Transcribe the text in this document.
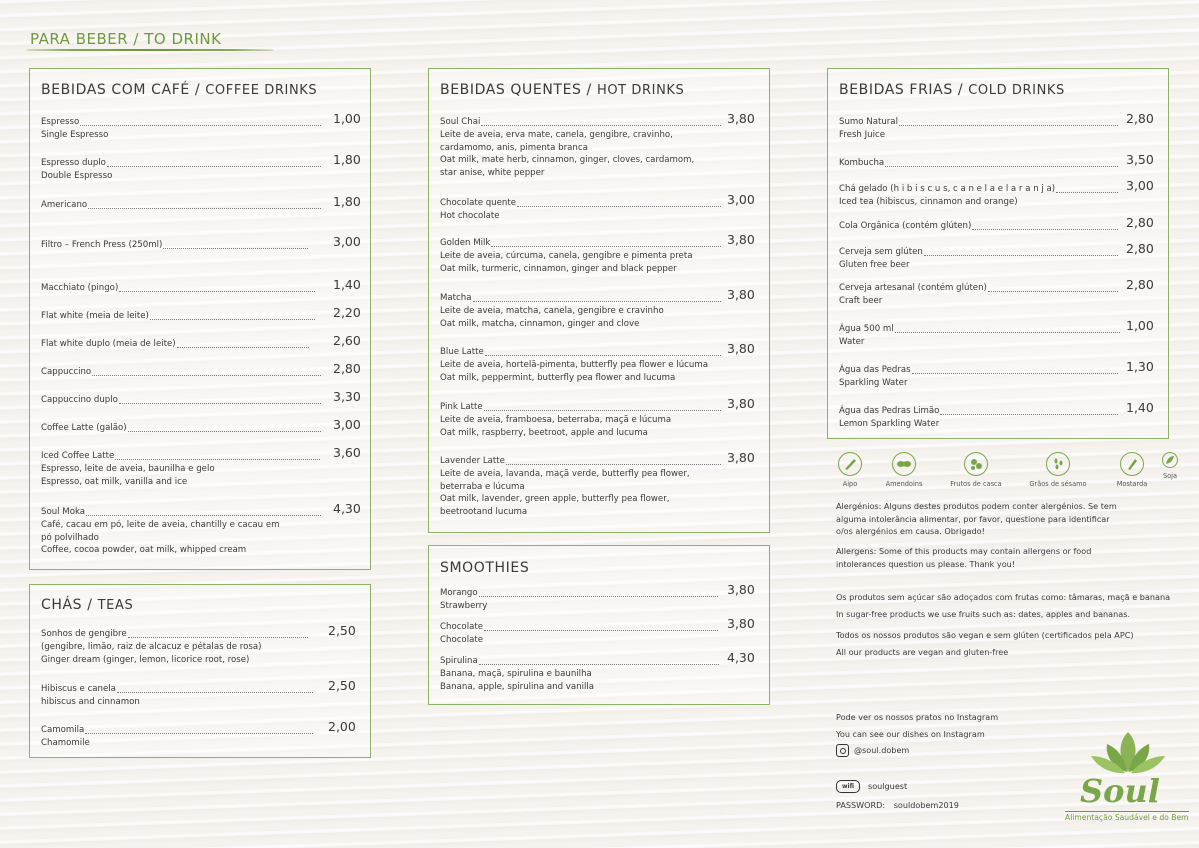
PARA BEBER / TO DRINK
BEBIDAS COM CAFÉ / COFFEE DRINKS
Espresso
Single Espresso
1,00
Espresso duplo
Double Espresso
1,80
Americano	1,80
Filtro – French Press (250ml)	3,00
Macchiato (pingo)	1,40
Flat white (meia de leite)	2,20
Flat white duplo (meia de leite)	2,60
Cappuccino	2,80
Cappuccino duplo	3,30
Coffee Latte (galão)	3,00
Iced Coffee Latte
Espresso, leite de aveia, baunilha e gelo
Espresso, oat milk, vanilla and ice
3,60
Soul Moka
Café, cacau em pó, leite de aveia, chantilly e cacau em
pó polvilhado
Coffee, cocoa powder, oat milk, whipped cream
4,30
CHÁS / TEAS
Sonhos de gengibre
(gengibre, limão, raiz de alcacuz e pétalas de rosa)
Ginger dream (ginger, lemon, licorice root, rose)
2,50
Hibiscus e canela
hibiscus and cinnamon
2,50
Camomila
Chamomile
2,00
BEBIDAS QUENTES / HOT DRINKS
Soul Chai
Leite de aveia, erva mate, canela, gengibre, cravinho,
cardamomo, anis, pimenta branca
Oat milk, mate herb, cinnamon, ginger, cloves, cardamom,
star anise, white pepper
3,80
Chocolate quente
Hot chocolate
3,00
Golden Milk
Leite de aveia, cúrcuma, canela, gengibre e pimenta preta
Oat milk, turmeric, cinnamon, ginger and black pepper
3,80
Matcha
Leite de aveia, matcha, canela, gengibre e cravinho
Oat milk, matcha, cinnamon, ginger and clove
3,80
Blue Latte
Leite de aveia, hortelã-pimenta, butterfly pea flower e lúcuma
Oat milk, peppermint, butterfly pea flower and lucuma
3,80
Pink Latte
Leite de aveia, framboesa, beterraba, maçã e lúcuma
Oat milk, raspberry, beetroot, apple and lucuma
3,80
Lavender Latte
Leite de aveia, lavanda, maçã verde, butterfly pea flower,
beterraba e lúcuma
Oat milk, lavender, green apple, butterfly pea flower,
beetrootand lucuma
3,80
SMOOTHIES
Morango
Strawberry
3,80
Chocolate
Chocolate
3,80
Spirulina
Banana, maçã, spirulina e baunilha
Banana, apple, spirulina and vanilla
4,30
BEBIDAS FRIAS / COLD DRINKS
Sumo Natural
Fresh Juice
2,80
Kombucha	3,50
Chá gelado (h i b i s c u s, c a n e l a e l a r a n j a)
Iced tea (hibiscus, cinnamon and orange)
3,00
Cola Orgânica (contém glúten)	2,80
Cerveja sem glúten
Gluten free beer
2,80
Cerveja artesanal (contém glúten)
Craft beer
2,80
Água 500 ml
Water
1,00
Água das Pedras
Sparkling Water
1,30
Água das Pedras Limão
Lemon Sparkling Water
1,40
Aipo	Amendoins	Frutos de casca	Grãos de sésamo	Mostarda
Soja
Alergénios: Alguns destes produtos podem conter alergénios. Se tem
alguma intolerância alimentar, por favor, questione para identificar
o/os alergénios em causa. Obrigado!
Allergens: Some of this products may contain allergens or food
intolerances question us please. Thank you!
Os produtos sem açúcar são adoçados com frutas como: tâmaras, maçã e banana
In sugar-free products we use fruits such as: dates, apples and bananas.
Todos os nossos produtos são vegan e sem glúten (certificados pela APC)
All our products are vegan and gluten-free
Pode ver os nossos pratos no Instagram
You can see our dishes on Instagram
@soul.dobem
wifi	soulguest
PASSWORD: souldobem2019	Soul
Alimentação Saudável e do Bem
